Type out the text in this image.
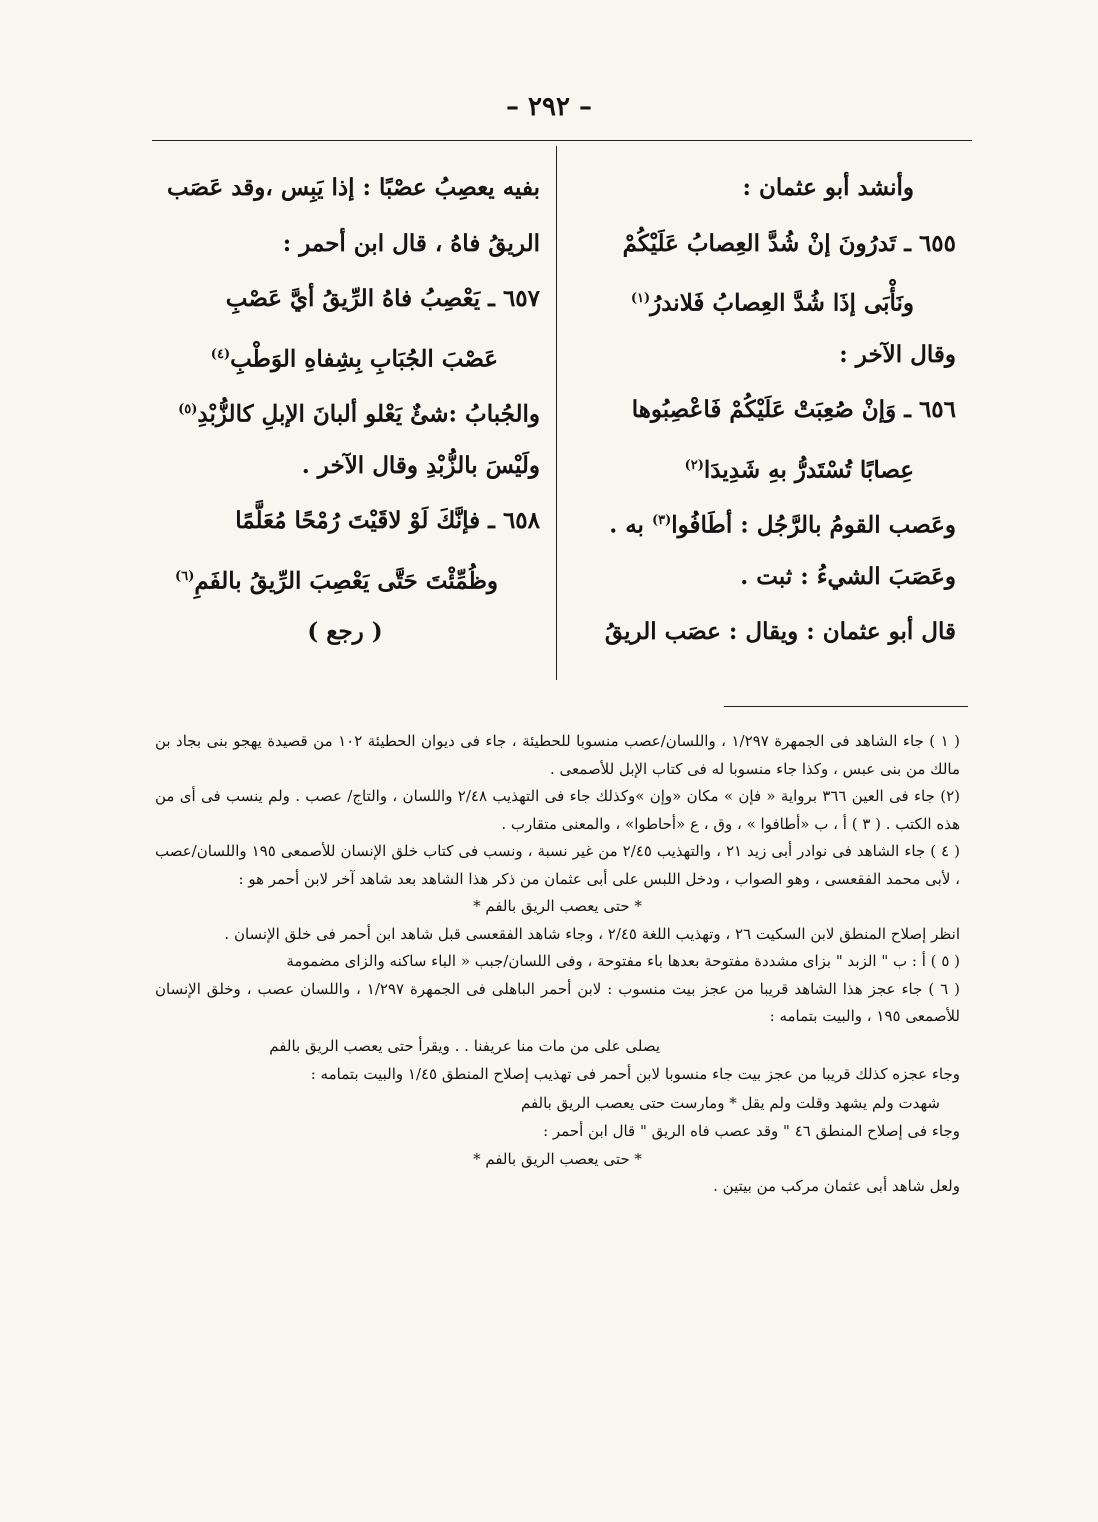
– ٢٩٢ –
وأنشد أبو عثمان :
٦٥٥ ـ تَدرُونَ إنْ شُدَّ العِصابُ عَلَيْكُمْ
ونَأْبَى إذَا شُدَّ العِصابُ فَلاندرُ$^{(١)}$
وقال الآخر :
٦٥٦ ـ وَإنْ صُعِبَتْ عَلَيْكُمْ فَاعْصِبُوها
عِصابًا تُسْتَدرُّ بهِ شَدِيدَا$^{(٢)}$
وعَصب القومُ بالرَّجُل : أطَافُوا$^{(٣)}$ به .
وعَصَبَ الشيءُ : ثبت .
قال أبو عثمان : ويقال : عصَب الريقُ
بفيه يعصِبُ عصْبًا : إذا يَبِس ،وقد عَصَب
الريقُ فاهُ ، قال ابن أحمر :
٦٥٧ ـ يَعْصِبُ فاهُ الرِّيقُ أيَّ عَصْبِ
عَصْبَ الجُبَابِ بِشِفاهِ الوَطْبِ$^{(٤)}$
والجُبابُ :شئٌ يَعْلو ألبانَ الإبلِ كالزُّبْدِ$^{(٥)}$
ولَيْسَ بالزُّبْدِ وقال الآخر .
٦٥٨ ـ فإنَّكَ لَوْ لاقَيْتَ رُمْحًا مُعَلَّمًا
وظُمِّئْتَ حَتَّى يَعْصِبَ الرِّيقُ بالفَمِ$^{(٦)}$
( رجع )
( ١ ) جاء الشاهد فى الجمهرة ١/٢٩٧ ، واللسان/عصب منسوبا للحطيئة ، جاء فى ديوان الحطيئة ١٠٢ من قصيدة يهجو بنى بجاد بن مالك من بنى عبس ، وكذا جاء منسوبا له فى كتاب الإبل للأصمعى .
(٢) جاء فى العين ٣٦٦ برواية « فإن » مكان «وإن »وكذلك جاء فى التهذيب ٢/٤٨ واللسان ، والتاج/ عصب . ولم ينسب فى أى من هذه الكتب . ( ٣ ) أ ، ب «أطافوا » ، وق ، ع «أحاطوا» ، والمعنى متقارب .
( ٤ ) جاء الشاهد فى نوادر أبى زيد ٢١ ، والتهذيب ٢/٤٥ من غير نسبة ، ونسب فى كتاب خلق الإنسان للأصمعى ١٩٥ واللسان/عصب ، لأبى محمد الفقعسى ، وهو الصواب ، ودخل اللبس على أبى عثمان من ذكر هذا الشاهد بعد شاهد آخر لابن أحمر هو :
* حتى يعصب الريق بالفم *
انظر إصلاح المنطق لابن السكيت ٢٦ ، وتهذيب اللغة ٢/٤٥ ، وجاء شاهد الفقعسى قبل شاهد ابن أحمر فى خلق الإنسان .
( ٥ ) أ : ب " الزبد " بزاى مشددة مفتوحة بعدها باء مفتوحة ، وفى اللسان/جبب « الباء ساكنه والزاى مضمومة
( ٦ ) جاء عجز هذا الشاهد قريبا من عجز بيت منسوب : لابن أحمر الباهلى فى الجمهرة ١/٢٩٧ ، واللسان عصب ، وخلق الإنسان للأصمعى ١٩٥ ، والبيت بتمامه :
يصلى على من مات منا عريفنا . . ويقرأ حتى يعصب الريق بالفم
وجاء عجزه كذلك قريبا من عجز بيت جاء منسوبا لابن أحمر فى تهذيب إصلاح المنطق ١/٤٥ والبيت بتمامه :
شهدت ولم يشهد وقلت ولم يقل * ومارست حتى يعصب الريق بالفم
وجاء فى إصلاح المنطق ٤٦ " وقد عصب فاه الريق " قال ابن أحمر :
* حتى يعصب الريق بالفم *
ولعل شاهد أبى عثمان مركب من بيتين .
